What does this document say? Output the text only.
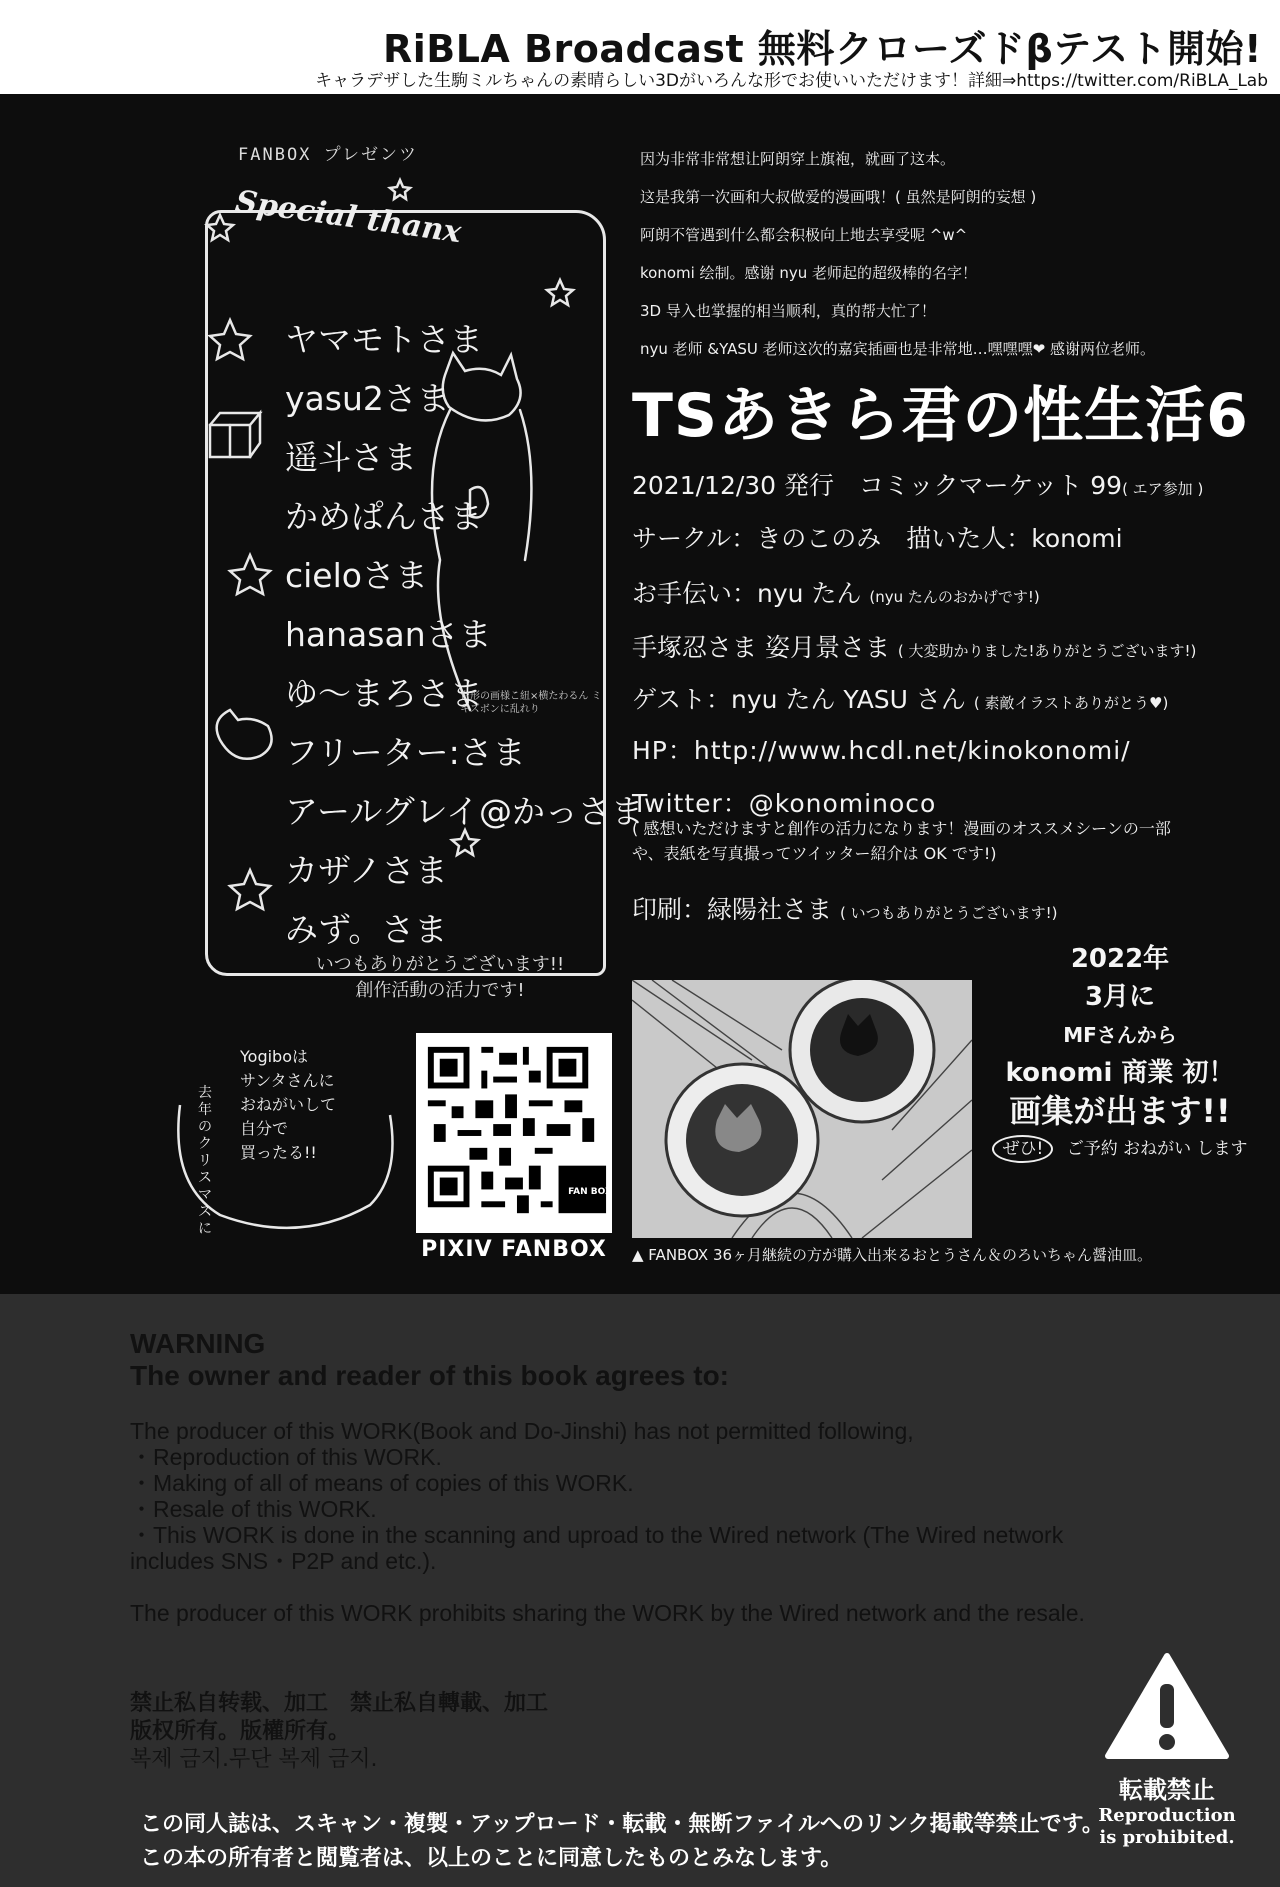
RiBLA Broadcast 無料クローズドβテスト開始!
キャラデザした生駒ミルちゃんの素晴らしい3Dがいろんな形でお使いいただけます！詳細⇒https://twitter.com/RiBLA_Lab
FANBOX プレゼンツ
Special thanx
ヤマモトさま
yasu2さま
遥斗さま
かめぱんさま
cieloさま
hanasanさま
ゆ〜まろさま
フリーター:さま
アールグレイ@かっさま
カザノさま
みず。さま
台形の画様こ紐×横たわるん ミキズボンに乱れり
いつもありがとうございます!!
創作活動の活力です!
因为非常非常想让阿朗穿上旗袍，就画了这本。
这是我第一次画和大叔做爱的漫画哦！( 虽然是阿朗的妄想 )
阿朗不管遇到什么都会积极向上地去享受呢 ^w^
konomi 绘制。感谢 nyu 老师起的超级棒的名字！
3D 导入也掌握的相当顺利，真的帮大忙了！
nyu 老师 &YASU 老师这次的嘉宾插画也是非常地…嘿嘿嘿❤ 感谢两位老师。
TSあきら君の性生活6
2021/12/30 発行　コミックマーケット 99( エア参加 )
サークル：きのこのみ　描いた人：konomi
お手伝い：nyu たん (nyu たんのおかげです!)
手塚忍さま 姿月景さま ( 大変助かりました!ありがとうございます!)
ゲスト：nyu たん YASU さん ( 素敵イラストありがとう♥)
HP：http://www.hcdl.net/kinokonomi/
Twitter：@konominoco
( 感想いただけますと創作の活力になります！漫画のオススメシーンの一部
や、表紙を写真撮ってツイッター紹介は OK です!)
印刷：緑陽社さま ( いつもありがとうございます!)
2022年
3月に
MFさんから
konomi 商業 初！
画集が出ます!!
ぜひ! ご予約 おねがい します
Yogiboは
サンタさんに
おねがいして
自分で
買ったる!!
去年のクリスマスに
FAN BOX
PIXIV FANBOX	▲ FANBOX 36ヶ月継続の方が購入出来るおとうさん＆のろいちゃん醤油皿。
WARNING
The owner and reader of this book agrees to:
The producer of this WORK(Book and Do-Jinshi) has not permitted following,
・Reproduction of this WORK.
・Making of all of means of copies of this WORK.
・Resale of this WORK.
・This WORK is done in the scanning and uproad to the Wired network (The Wired network includes SNS・P2P and etc.).
The producer of this WORK prohibits sharing the WORK by the Wired network and the resale.
禁止私自转载、加工　禁止私自轉載、加工
版权所有。版權所有。
복제 금지.무단 복제 금지.
この同人誌は、スキャン・複製・アップロード・転載・無断ファイルへのリンク掲載等禁止です。
この本の所有者と閲覧者は、以上のことに同意したものとみなします。
転載禁止
Reproduction
is prohibited.
